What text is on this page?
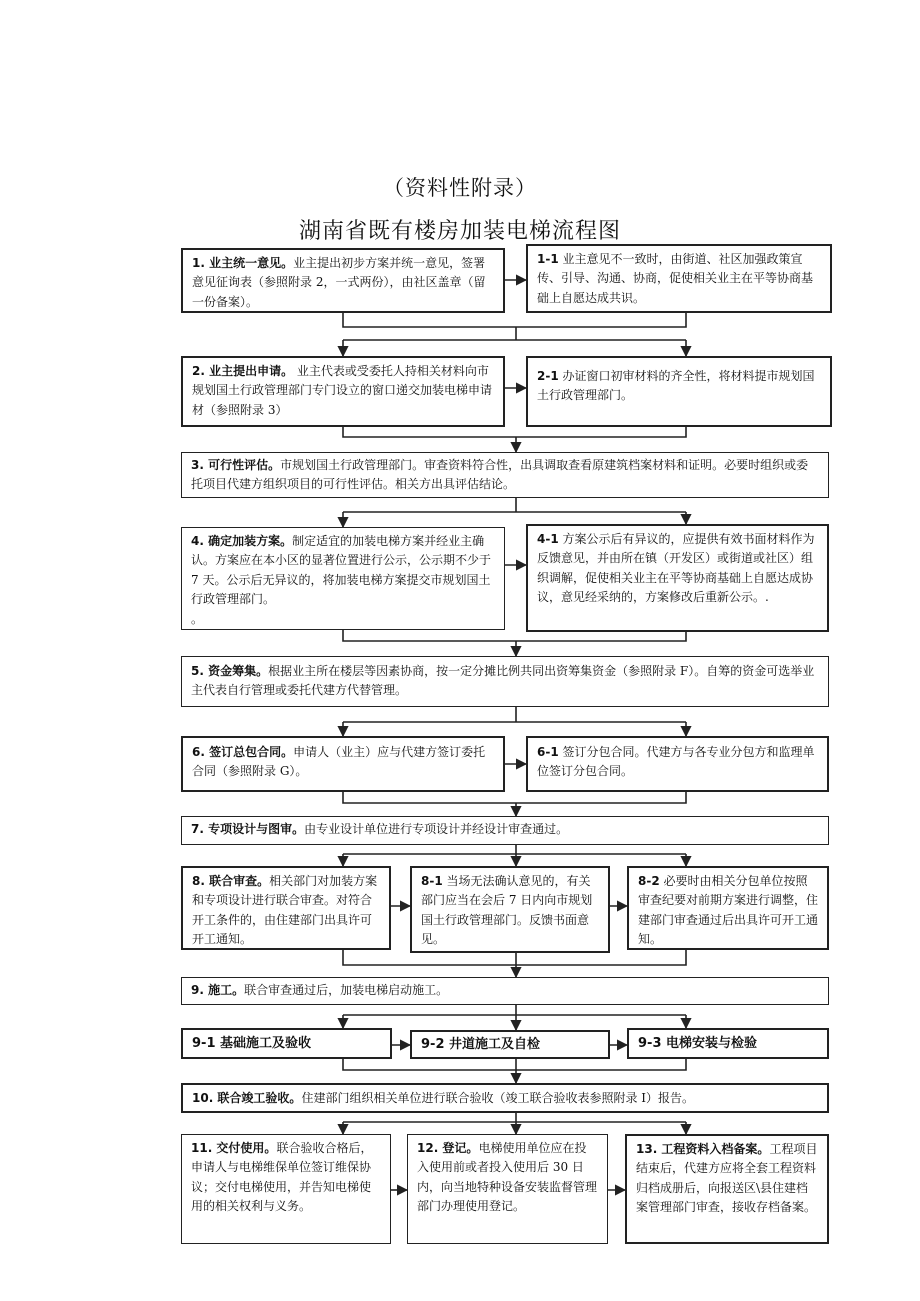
（资料性附录）
湖南省既有楼房加装电梯流程图
1. 业主统一意见。业主提出初步方案并统一意见，签署意见征询表（参照附录 2，一式两份），由社区盖章（留一份备案）。
1-1 业主意见不一致时，由街道、社区加强政策宣传、引导、沟通、协商，促使相关业主在平等协商基础上自愿达成共识。
2. 业主提出申请。 业主代表或受委托人持相关材料向市规划国土行政管理部门专门设立的窗口递交加装电梯申请材（参照附录 3）
2-1 办证窗口初审材料的齐全性，将材料提市规划国土行政管理部门。
3. 可行性评估。市规划国土行政管理部门。审查资料符合性，出具调取查看原建筑档案材料和证明。必要时组织或委托项目代建方组织项目的可行性评估。相关方出具评估结论。
4. 确定加装方案。制定适宜的加装电梯方案并经业主确认。方案应在本小区的显著位置进行公示，公示期不少于 7 天。公示后无异议的，将加装电梯方案提交市规划国土行政管理部门。
。
4-1 方案公示后有异议的，应提供有效书面材料作为反馈意见，并由所在镇（开发区）或街道或社区）组织调解，促使相关业主在平等协商基础上自愿达成协议，意见经采纳的，方案修改后重新公示。.
5. 资金筹集。根据业主所在楼层等因素协商，按一定分摊比例共同出资筹集资金（参照附录 F）。自筹的资金可选举业主代表自行管理或委托代建方代替管理。
6. 签订总包合同。申请人（业主）应与代建方签订委托合同（参照附录 G）。
6-1 签订分包合同。代建方与各专业分包方和监理单位签订分包合同。
7. 专项设计与图审。由专业设计单位进行专项设计并经设计审查通过。
8. 联合审查。相关部门对加装方案和专项设计进行联合审查。对符合开工条件的，由住建部门出具许可开工通知。
8-1 当场无法确认意见的，有关部门应当在会后 7 日内向市规划国土行政管理部门。反馈书面意见。
8-2 必要时由相关分包单位按照审查纪要对前期方案进行调整，住建部门审查通过后出具许可开工通知。
9. 施工。联合审查通过后，加装电梯启动施工。
9-1 基础施工及验收	9-2 井道施工及自检	9-3 电梯安装与检验
10. 联合竣工验收。住建部门组织相关单位进行联合验收（竣工联合验收表参照附录 I）报告。
11. 交付使用。联合验收合格后，申请人与电梯维保单位签订维保协议；交付电梯使用，并告知电梯使用的相关权利与义务。
12. 登记。电梯使用单位应在投入使用前或者投入使用后 30 日内，向当地特种设备安装监督管理部门办理使用登记。
13. 工程资料入档备案。工程项目结束后，代建方应将全套工程资料归档成册后，向报送区\县住建档案管理部门审查，接收存档备案。
